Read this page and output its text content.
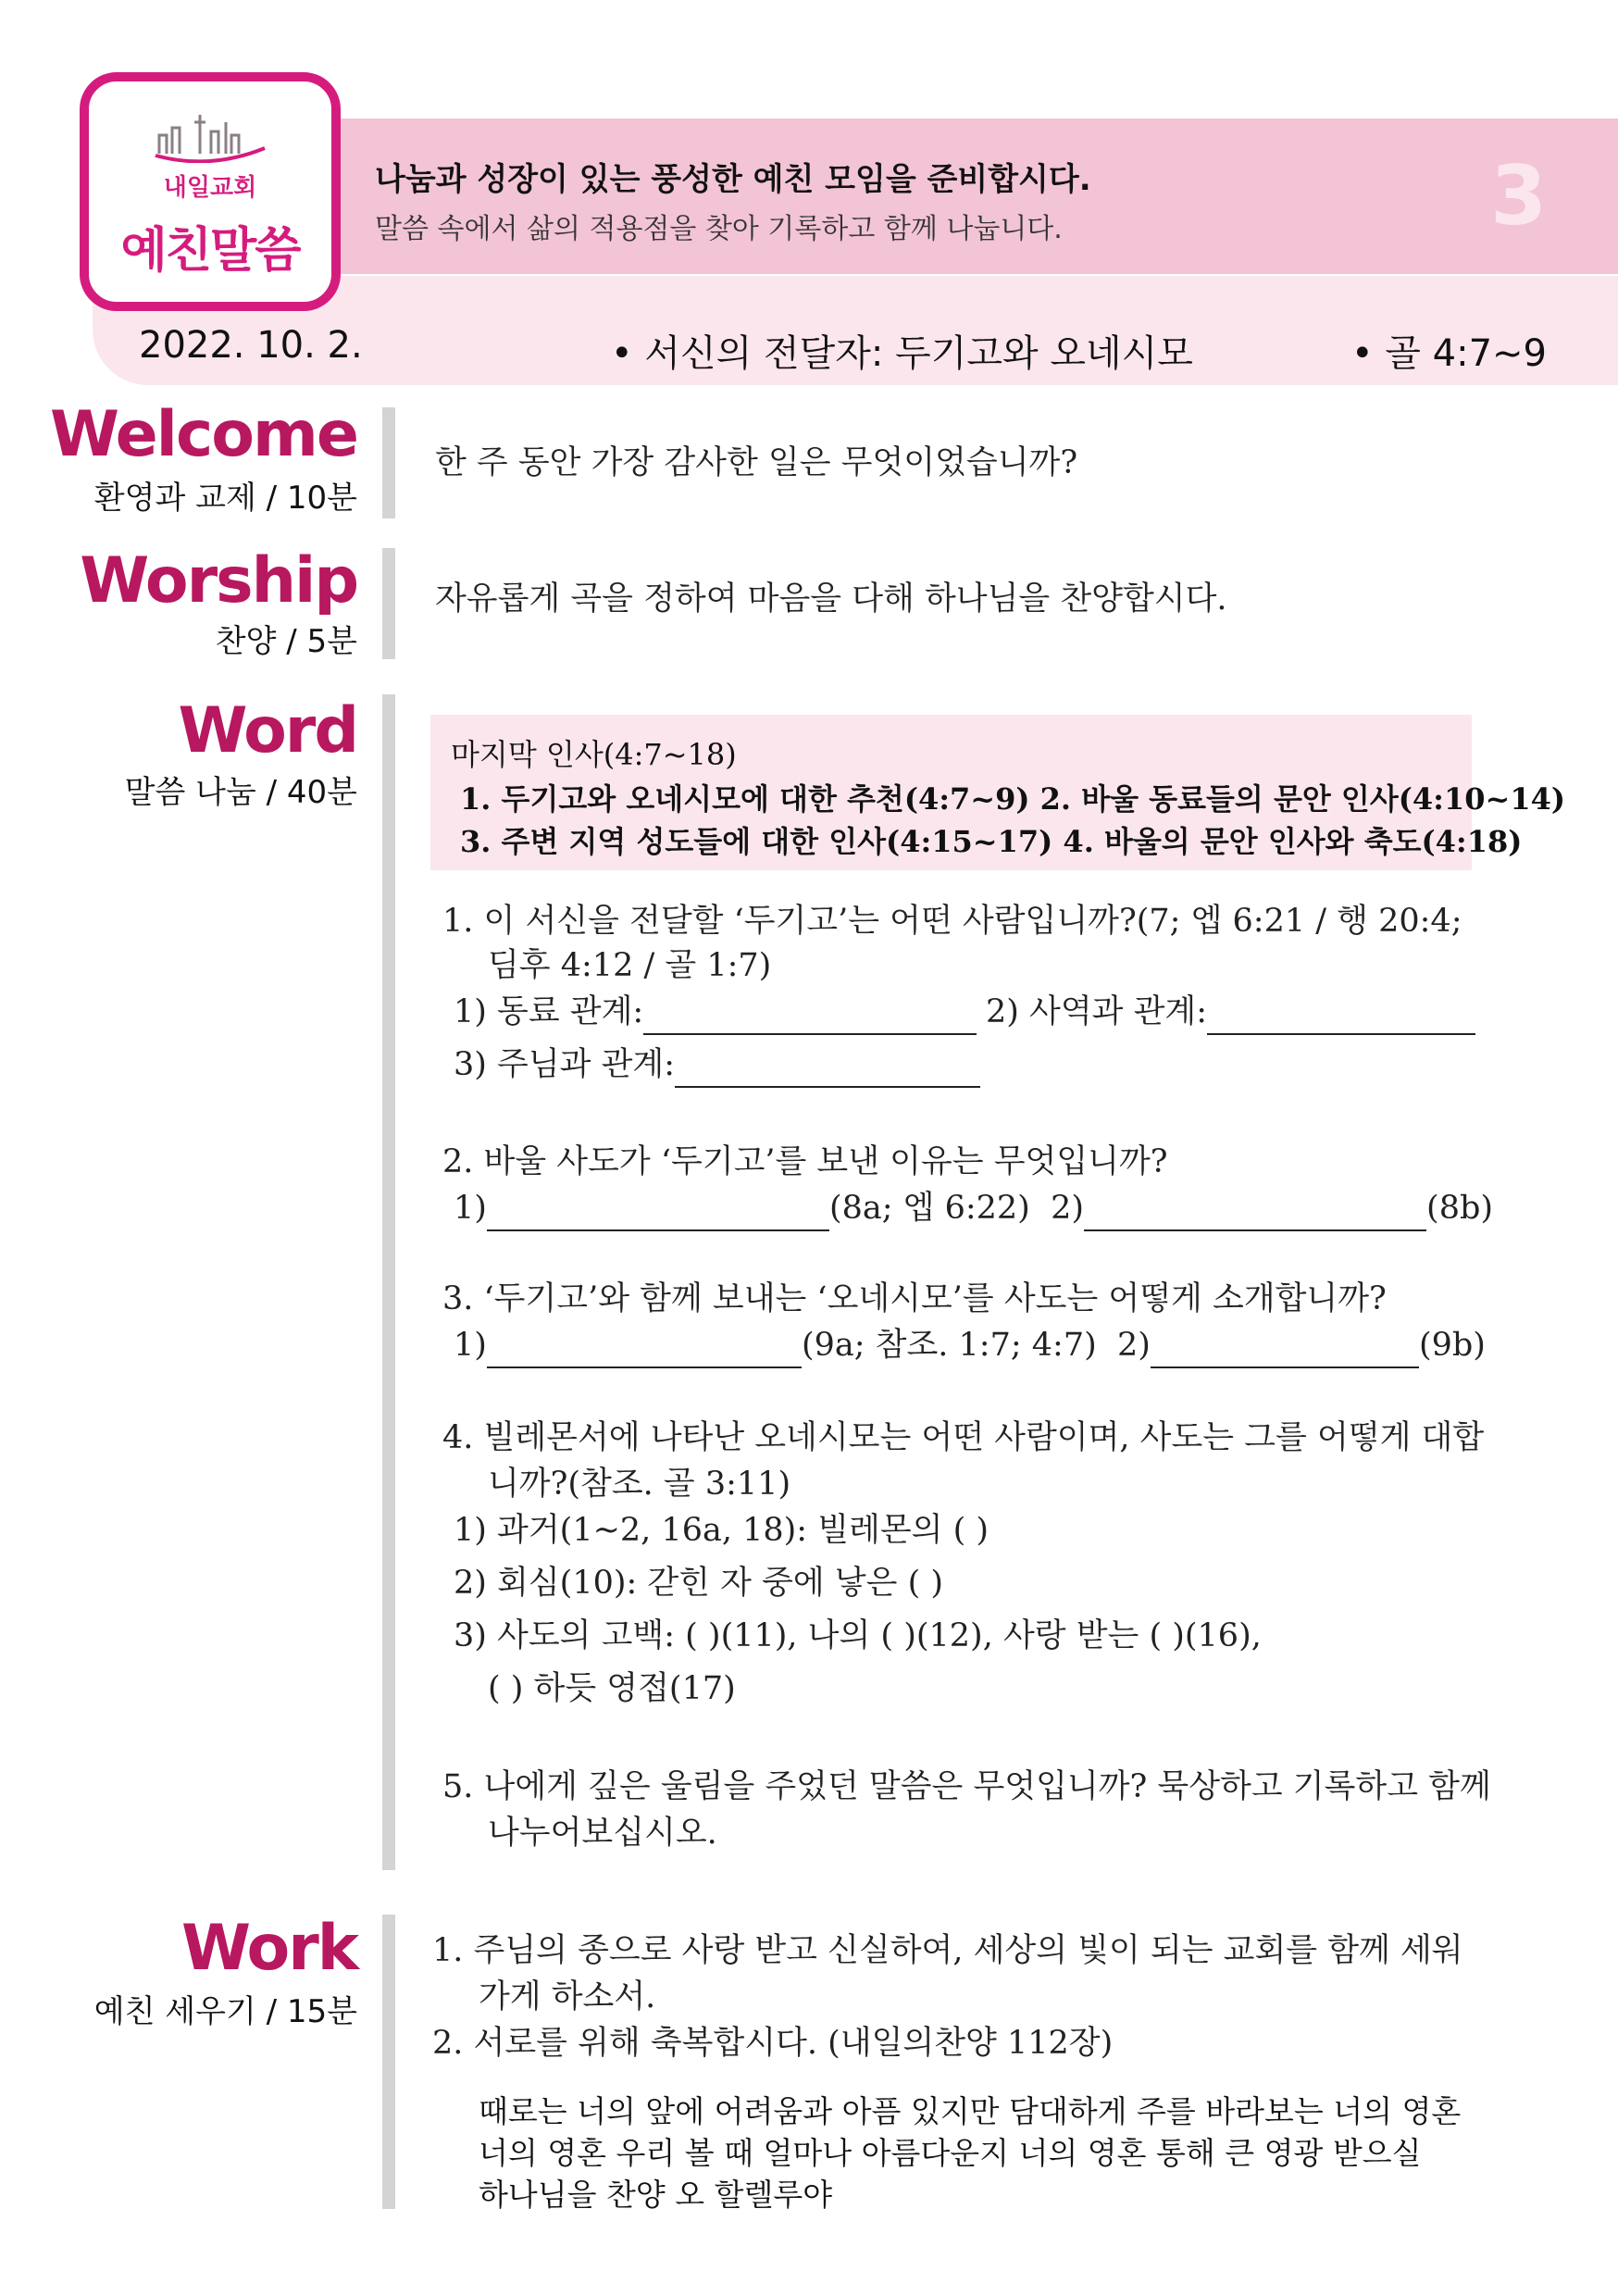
내일교회
예친말씀
나눔과 성장이 있는 풍성한 예친 모임을 준비합시다.
말씀 속에서 삶의 적용점을 찾아 기록하고 함께 나눕니다.	3
2022. 10. 2.	• 서신의 전달자: 두기고와 오네시모	• 골 4:7~9
Welcome
환영과 교제 / 10분
한 주 동안 가장 감사한 일은 무엇이었습니까?
Worship
찬양 / 5분
자유롭게 곡을 정하여 마음을 다해 하나님을 찬양합시다.
Word
말씀 나눔 / 40분
마지막 인사(4:7~18)
1. 두기고와 오네시모에 대한 추천(4:7~9) 2. 바울 동료들의 문안 인사(4:10~14)
3. 주변 지역 성도들에 대한 인사(4:15~17) 4. 바울의 문안 인사와 축도(4:18)
1. 이 서신을 전달할 ‘두기고’는 어떤 사람입니까?(7; 엡 6:21 / 행 20:4;
딤후 4:12 / 골 1:7)
1) 동료 관계:	2) 사역과 관계:
3) 주님과 관계:
2. 바울 사도가 ‘두기고’를 보낸 이유는 무엇입니까?
1)	(8a; 엡 6:22) 2)	(8b)
3. ‘두기고’와 함께 보내는 ‘오네시모’를 사도는 어떻게 소개합니까?
1)	(9a; 참조. 1:7; 4:7) 2)	(9b)
4. 빌레몬서에 나타난 오네시모는 어떤 사람이며, 사도는 그를 어떻게 대합
니까?(참조. 골 3:11)
1) 과거(1~2, 16a, 18): 빌레몬의 ( )
2) 회심(10): 갇힌 자 중에 낳은 ( )
3) 사도의 고백: ( )(11), 나의 ( )(12), 사랑 받는 ( )(16),
( ) 하듯 영접(17)
5. 나에게 깊은 울림을 주었던 말씀은 무엇입니까? 묵상하고 기록하고 함께
나누어보십시오.
Work
예친 세우기 / 15분
1. 주님의 종으로 사랑 받고 신실하여, 세상의 빛이 되는 교회를 함께 세워
가게 하소서.
2. 서로를 위해 축복합시다. (내일의찬양 112장)
때로는 너의 앞에 어려움과 아픔 있지만 담대하게 주를 바라보는 너의 영혼
너의 영혼 우리 볼 때 얼마나 아름다운지 너의 영혼 통해 큰 영광 받으실
하나님을 찬양 오 할렐루야
